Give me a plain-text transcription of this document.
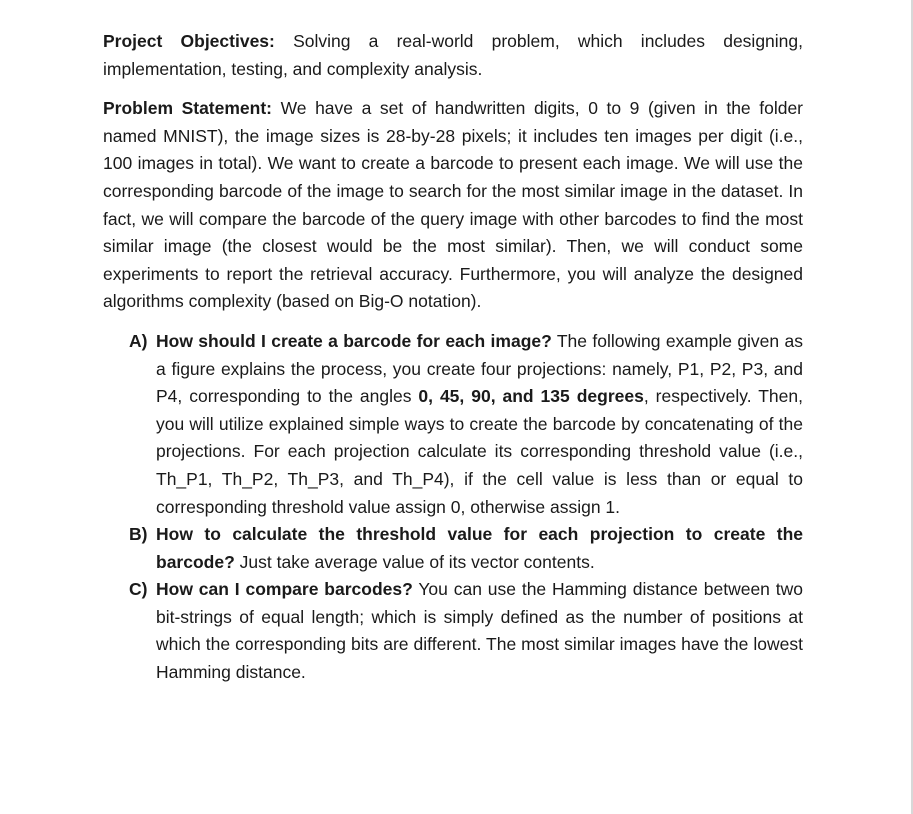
Project Objectives: Solving a real-world problem, which includes designing, implementation, testing, and complexity analysis.

Problem Statement: We have a set of handwritten digits, 0 to 9 (given in the folder named MNIST), the image sizes is 28-by-28 pixels; it includes ten images per digit (i.e., 100 images in total). We want to create a barcode to present each image. We will use the corresponding barcode of the image to search for the most similar image in the dataset. In fact, we will compare the barcode of the query image with other barcodes to find the most similar image (the closest would be the most similar). Then, we will conduct some experiments to report the retrieval accuracy. Furthermore, you will analyze the designed algorithms complexity (based on Big-O notation).

A) How should I create a barcode for each image? The following example given as a figure explains the process, you create four projections: namely, P1, P2, P3, and P4, corresponding to the angles 0, 45, 90, and 135 degrees, respectively. Then, you will utilize explained simple ways to create the barcode by concatenating of the projections. For each projection calculate its corresponding threshold value (i.e., Th_P1, Th_P2, Th_P3, and Th_P4), if the cell value is less than or equal to corresponding threshold value assign 0, otherwise assign 1.
B) How to calculate the threshold value for each projection to create the barcode? Just take average value of its vector contents.
C) How can I compare barcodes? You can use the Hamming distance between two bit-strings of equal length; which is simply defined as the number of positions at which the corresponding bits are different. The most similar images have the lowest Hamming distance.
